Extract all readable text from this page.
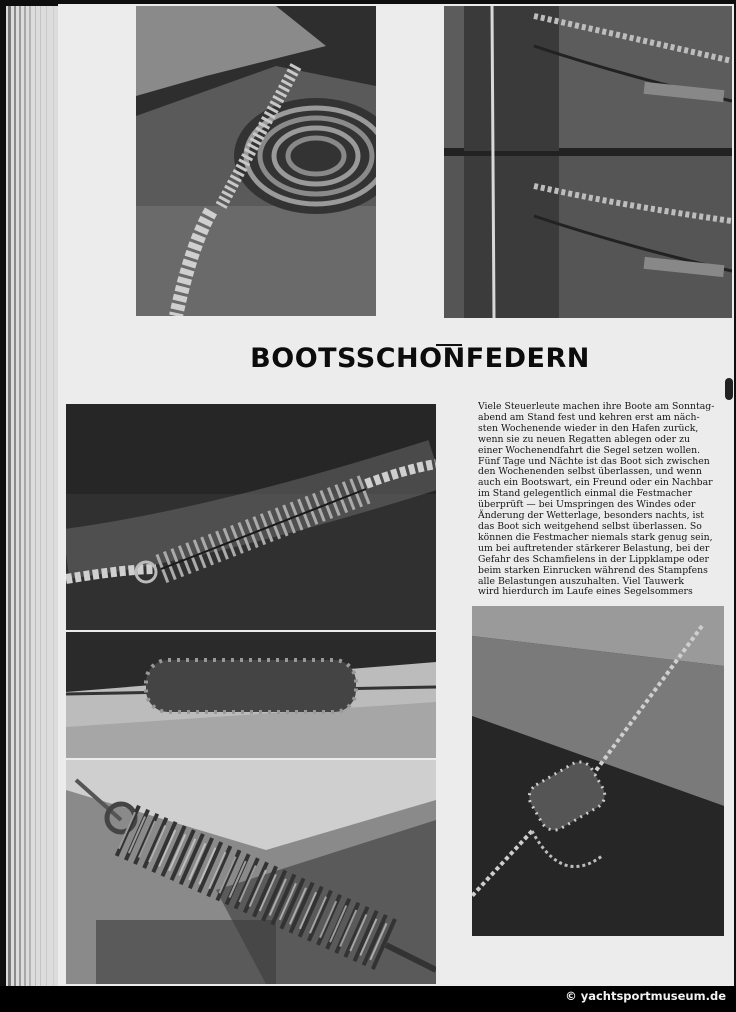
BOOTSSCHONFEDERN

Viele Steuerleute machen ihre Boote am Sonntag-
abend am Stand fest und kehren erst am näch-
sten Wochenende wieder in den Hafen zurück,
wenn sie zu neuen Regatten ablegen oder zu
einer Wochenendfahrt die Segel setzen wollen.
Fünf Tage und Nächte ist das Boot sich zwischen
den Wochenenden selbst überlassen, und wenn
auch ein Bootswart, ein Freund oder ein Nachbar
im Stand gelegentlich einmal die Festmacher
überprüft — bei Umspringen des Windes oder
Änderung der Wetterlage, besonders nachts, ist
das Boot sich weitgehend selbst überlassen. So
können die Festmacher niemals stark genug sein,
um bei auftretender stärkerer Belastung, bei der
Gefahr des Schamfielens in der Lippklampe oder
beim starken Einrucken während des Stampfens
alle Belastungen auszuhalten. Viel Tauwerk
wird hierdurch im Laufe eines Segelsommers

© yachtsportmuseum.de
